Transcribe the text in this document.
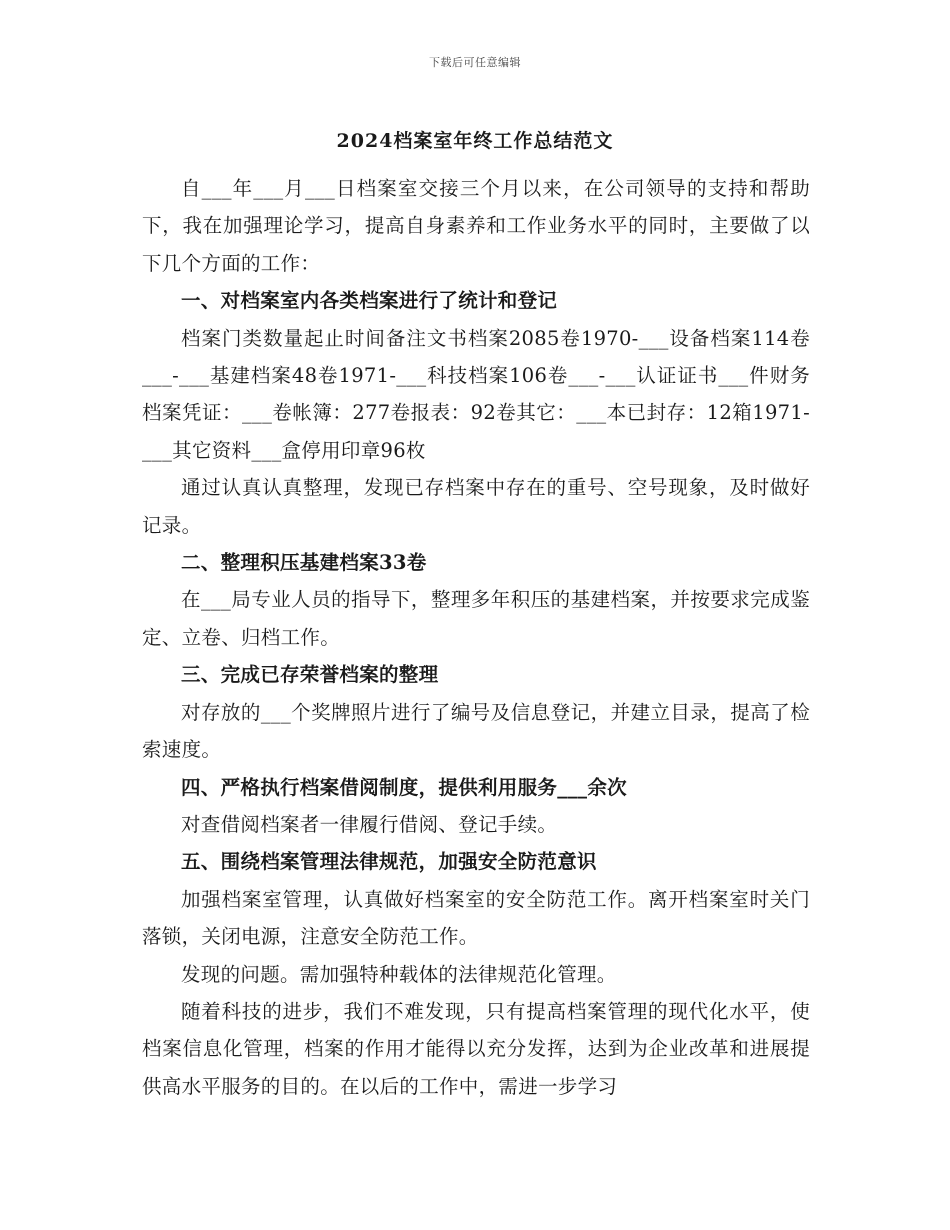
下载后可任意编辑
2024档案室年终工作总结范文

自___年___月___日档案室交接三个月以来，在公司领导的支持和帮助下，我在加强理论学习，提高自身素养和工作业务水平的同时，主要做了以下几个方面的工作：

一、对档案室内各类档案进行了统计和登记

档案门类数量起止时间备注文书档案2085卷1970-___设备档案114卷___-___基建档案48卷1971-___科技档案106卷___-___认证证书___件财务档案凭证：___卷帐簿：277卷报表：92卷其它：___本已封存：12箱1971-___其它资料___盒停用印章96枚

通过认真认真整理，发现已存档案中存在的重号、空号现象，及时做好记录。

二、整理积压基建档案33卷

在___局专业人员的指导下，整理多年积压的基建档案，并按要求完成鉴定、立卷、归档工作。

三、完成已存荣誉档案的整理

对存放的___个奖牌照片进行了编号及信息登记，并建立目录，提高了检索速度。

四、严格执行档案借阅制度，提供利用服务___余次

对查借阅档案者一律履行借阅、登记手续。

五、围绕档案管理法律规范，加强安全防范意识

加强档案室管理，认真做好档案室的安全防范工作。离开档案室时关门落锁，关闭电源，注意安全防范工作。

发现的问题。需加强特种载体的法律规范化管理。

随着科技的进步，我们不难发现，只有提高档案管理的现代化水平，使档案信息化管理，档案的作用才能得以充分发挥，达到为企业改革和进展提供高水平服务的目的。在以后的工作中，需进一步学习
